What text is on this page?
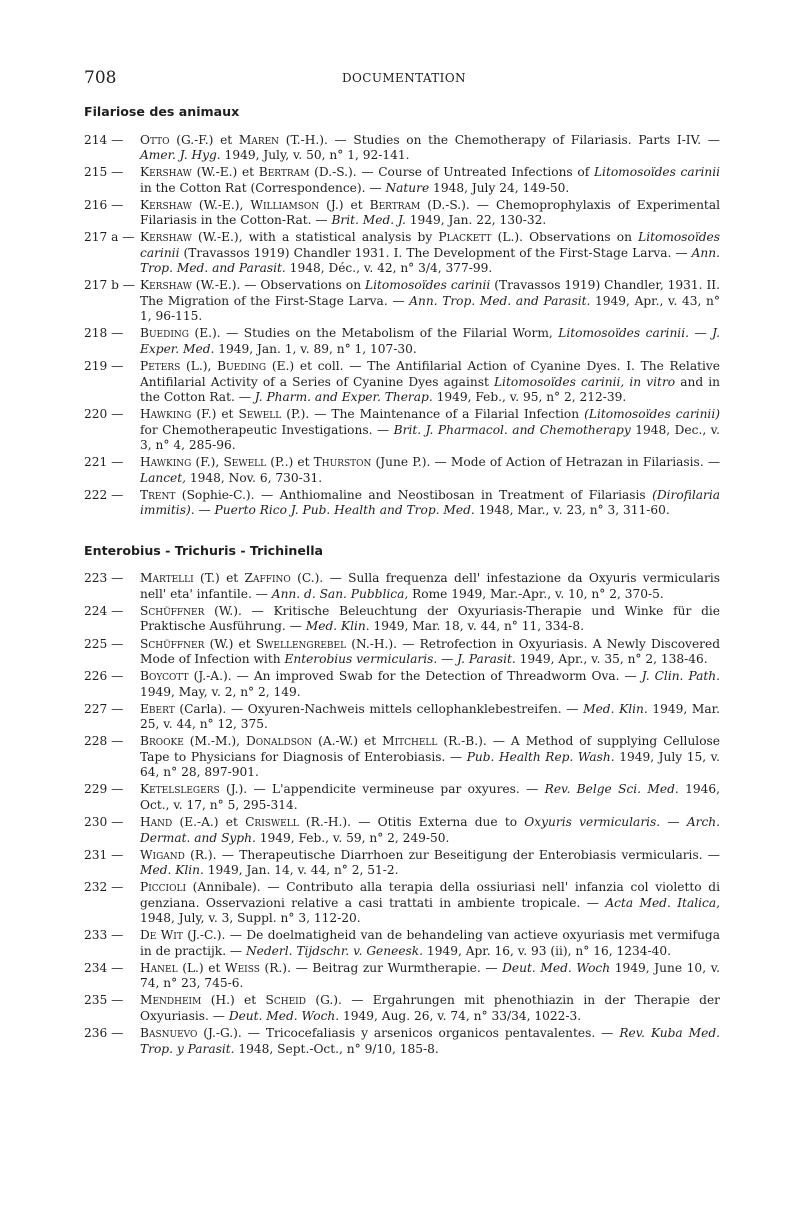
708	DOCUMENTATION
Filariose des animaux
214 — Otto (G.-F.) et Maren (T.-H.). — Studies on the Chemotherapy of Filariasis. Parts I-IV. — Amer. J. Hyg. 1949, July, v. 50, n° 1, 92-141.
215 — Kershaw (W.-E.) et Bertram (D.-S.). — Course of Untreated Infections of Litomosoïdes carinii in the Cotton Rat (Correspondence). — Nature 1948, July 24, 149-50.
216 — Kershaw (W.-E.), Williamson (J.) et Bertram (D.-S.). — Chemoprophylaxis of Experimental Filariasis in the Cotton-Rat. — Brit. Med. J. 1949, Jan. 22, 130-32.
217 a — Kershaw (W.-E.), with a statistical analysis by Plackett (L.). Observations on Litomosoïdes carinii (Travassos 1919) Chandler 1931. I. The Development of the First-Stage Larva. — Ann. Trop. Med. and Parasit. 1948, Déc., v. 42, n° 3/4, 377-99.
217 b — Kershaw (W.-E.). — Observations on Litomosoïdes carinii (Travassos 1919) Chandler, 1931. II. The Migration of the First-Stage Larva. — Ann. Trop. Med. and Parasit. 1949, Apr., v. 43, n° 1, 96-115.
218 — Bueding (E.). — Studies on the Metabolism of the Filarial Worm, Litomosoïdes carinii. — J. Exper. Med. 1949, Jan. 1, v. 89, n° 1, 107-30.
219 — Peters (L.), Bueding (E.) et coll. — The Antifilarial Action of Cyanine Dyes. I. The Relative Antifilarial Activity of a Series of Cyanine Dyes against Litomosoïdes carinii, in vitro and in the Cotton Rat. — J. Pharm. and Exper. Therap. 1949, Feb., v. 95, n° 2, 212-39.
220 — Hawking (F.) et Sewell (P.). — The Maintenance of a Filarial Infection (Litomosoïdes carinii) for Chemotherapeutic Investigations. — Brit. J. Pharmacol. and Chemotherapy 1948, Dec., v. 3, n° 4, 285-96.
221 — Hawking (F.), Sewell (P..) et Thurston (June P.). — Mode of Action of Hetrazan in Filariasis. — Lancet, 1948, Nov. 6, 730-31.
222 — Trent (Sophie-C.). — Anthiomaline and Neostibosan in Treatment of Filariasis (Dirofilaria immitis). — Puerto Rico J. Pub. Health and Trop. Med. 1948, Mar., v. 23, n° 3, 311-60.
Enterobius - Trichuris - Trichinella
223 — Martelli (T.) et Zaffino (C.). — Sulla frequenza dell' infestazione da Oxyuris vermicularis nell' eta' infantile. — Ann. d. San. Pubblica, Rome 1949, Mar.-Apr., v. 10, n° 2, 370-5.
224 — Schüffner (W.). — Kritische Beleuchtung der Oxyuriasis-Therapie und Winke für die Praktische Ausführung. — Med. Klin. 1949, Mar. 18, v. 44, n° 11, 334-8.
225 — Schüffner (W.) et Swellengrebel (N.-H.). — Retrofection in Oxyuriasis. A Newly Discovered Mode of Infection with Enterobius vermicularis. — J. Parasit. 1949, Apr., v. 35, n° 2, 138-46.
226 — Boycott (J.-A.). — An improved Swab for the Detection of Threadworm Ova. — J. Clin. Path. 1949, May, v. 2, n° 2, 149.
227 — Ebert (Carla). — Oxyuren-Nachweis mittels cellophanklebestreifen. — Med. Klin. 1949, Mar. 25, v. 44, n° 12, 375.
228 — Brooke (M.-M.), Donaldson (A.-W.) et Mitchell (R.-B.). — A Method of supplying Cellulose Tape to Physicians for Diagnosis of Enterobiasis. — Pub. Health Rep. Wash. 1949, July 15, v. 64, n° 28, 897-901.
229 — Ketelslegers (J.). — L'appendicite vermineuse par oxyures. — Rev. Belge Sci. Med. 1946, Oct., v. 17, n° 5, 295-314.
230 — Hand (E.-A.) et Criswell (R.-H.). — Otitis Externa due to Oxyuris vermicularis. — Arch. Dermat. and Syph. 1949, Feb., v. 59, n° 2, 249-50.
231 — Wigand (R.). — Therapeutische Diarrhoen zur Beseitigung der Enterobiasis vermicularis. — Med. Klin. 1949, Jan. 14, v. 44, n° 2, 51-2.
232 — Piccioli (Annibale). — Contributo alla terapia della ossiuriasi nell' infanzia col violetto di genziana. Osservazioni relative a casi trattati in ambiente tropicale. — Acta Med. Italica, 1948, July, v. 3, Suppl. n° 3, 112-20.
233 — De Wit (J.-C.). — De doelmatigheid van de behandeling van actieve oxyuriasis met vermifuga in de practijk. — Nederl. Tijdschr. v. Geneesk. 1949, Apr. 16, v. 93 (ii), n° 16, 1234-40.
234 — Hanel (L.) et Weiss (R.). — Beitrag zur Wurmtherapie. — Deut. Med. Woch 1949, June 10, v. 74, n° 23, 745-6.
235 — Mendheim (H.) et Scheid (G.). — Ergahrungen mit phenothiazin in der Therapie der Oxyuriasis. — Deut. Med. Woch. 1949, Aug. 26, v. 74, n° 33/34, 1022-3.
236 — Basnuevo (J.-G.). — Tricocefaliasis y arsenicos organicos pentavalentes. — Rev. Kuba Med. Trop. y Parasit. 1948, Sept.-Oct., n° 9/10, 185-8.
